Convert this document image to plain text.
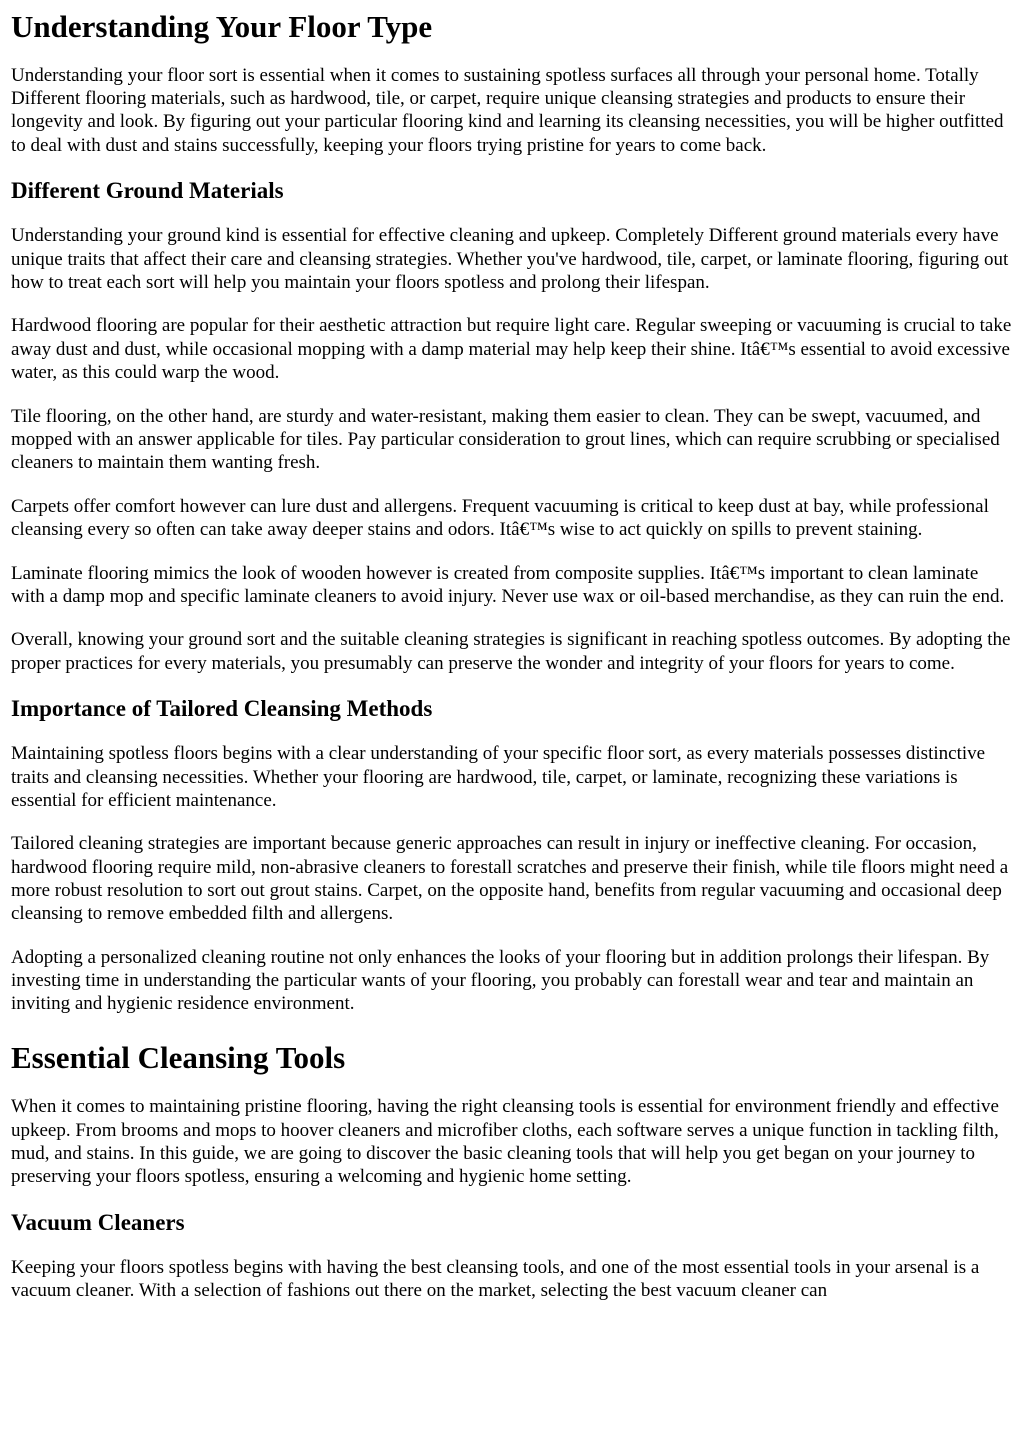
Understanding Your Floor Type

Understanding your floor sort is essential when it comes to sustaining spotless surfaces all through your personal home. Totally Different flooring materials, such as hardwood, tile, or carpet, require unique cleansing strategies and products to ensure their longevity and look. By figuring out your particular flooring kind and learning its cleansing necessities, you will be higher outfitted to deal with dust and stains successfully, keeping your floors trying pristine for years to come back.

Different Ground Materials

Understanding your ground kind is essential for effective cleaning and upkeep. Completely Different ground materials every have unique traits that affect their care and cleansing strategies. Whether you've hardwood, tile, carpet, or laminate flooring, figuring out how to treat each sort will help you maintain your floors spotless and prolong their lifespan.

Hardwood flooring are popular for their aesthetic attraction but require light care. Regular sweeping or vacuuming is crucial to take away dust and dust, while occasional mopping with a damp material may help keep their shine. Itâ€™s essential to avoid excessive water, as this could warp the wood.

Tile flooring, on the other hand, are sturdy and water-resistant, making them easier to clean. They can be swept, vacuumed, and mopped with an answer applicable for tiles. Pay particular consideration to grout lines, which can require scrubbing or specialised cleaners to maintain them wanting fresh.

Carpets offer comfort however can lure dust and allergens. Frequent vacuuming is critical to keep dust at bay, while professional cleansing every so often can take away deeper stains and odors. Itâ€™s wise to act quickly on spills to prevent staining.

Laminate flooring mimics the look of wooden however is created from composite supplies. Itâ€™s important to clean laminate with a damp mop and specific laminate cleaners to avoid injury. Never use wax or oil-based merchandise, as they can ruin the end.

Overall, knowing your ground sort and the suitable cleaning strategies is significant in reaching spotless outcomes. By adopting the proper practices for every materials, you presumably can preserve the wonder and integrity of your floors for years to come.

Importance of Tailored Cleansing Methods

Maintaining spotless floors begins with a clear understanding of your specific floor sort, as every materials possesses distinctive traits and cleansing necessities. Whether your flooring are hardwood, tile, carpet, or laminate, recognizing these variations is essential for efficient maintenance.

Tailored cleaning strategies are important because generic approaches can result in injury or ineffective cleaning. For occasion, hardwood flooring require mild, non-abrasive cleaners to forestall scratches and preserve their finish, while tile floors might need a more robust resolution to sort out grout stains. Carpet, on the opposite hand, benefits from regular vacuuming and occasional deep cleansing to remove embedded filth and allergens.

Adopting a personalized cleaning routine not only enhances the looks of your flooring but in addition prolongs their lifespan. By investing time in understanding the particular wants of your flooring, you probably can forestall wear and tear and maintain an inviting and hygienic residence environment.

Essential Cleansing Tools

When it comes to maintaining pristine flooring, having the right cleansing tools is essential for environment friendly and effective upkeep. From brooms and mops to hoover cleaners and microfiber cloths, each software serves a unique function in tackling filth, mud, and stains. In this guide, we are going to discover the basic cleaning tools that will help you get began on your journey to preserving your floors spotless, ensuring a welcoming and hygienic home setting.

Vacuum Cleaners

Keeping your floors spotless begins with having the best cleansing tools, and one of the most essential tools in your arsenal is a vacuum cleaner. With a selection of fashions out there on the market, selecting the best vacuum cleaner can
